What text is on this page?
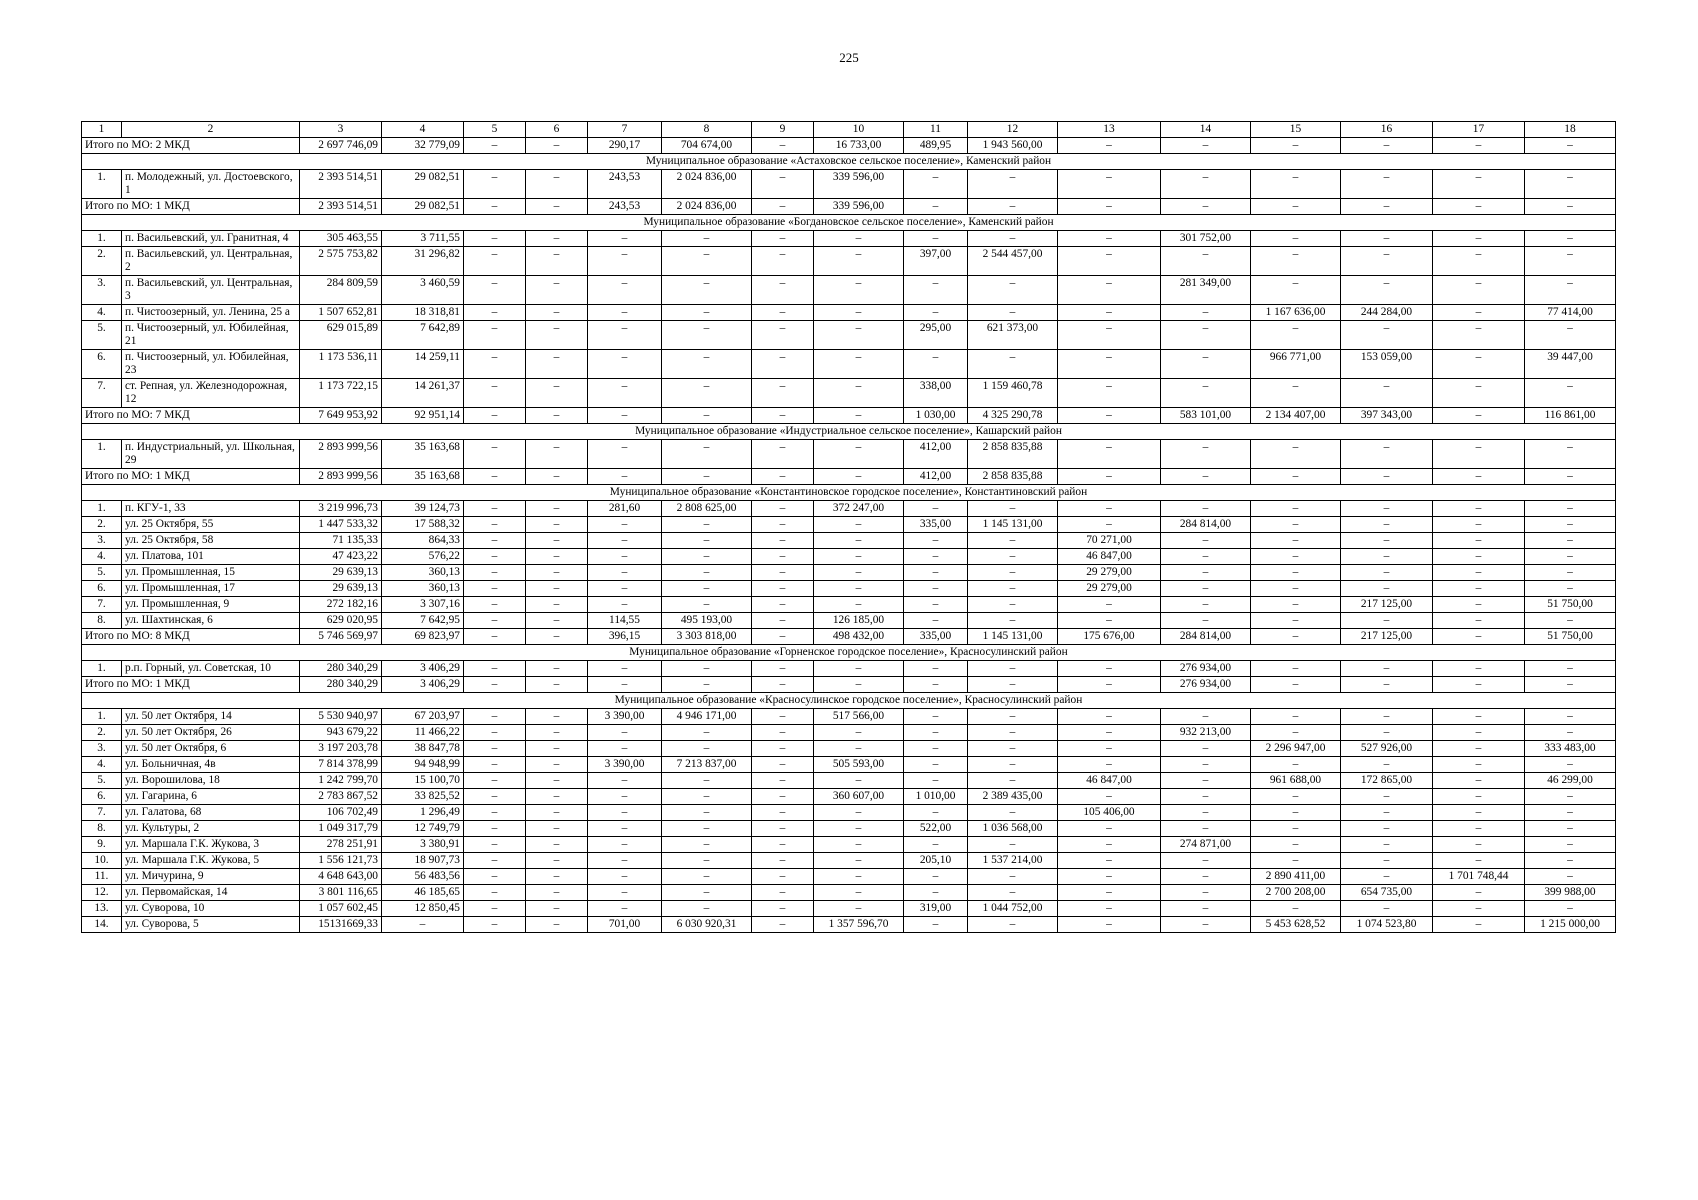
225
1	2	3	4	5	6	7	8	9	10	11	12	13	14	15	16	17	18
Итого по МО: 2 МКД		2 697 746,09	32 779,09	–	–	290,17	704 674,00	–	16 733,00	489,95	1 943 560,00	–	–	–	–	–	–
Муниципальное образование «Астаховское сельское поселение», Каменский район																	
1.	п. Молодежный, ул. Достоевского, 1	2 393 514,51	29 082,51	–	–	243,53	2 024 836,00	–	339 596,00	–	–	–	–	–	–	–	–
Итого по МО: 1 МКД		2 393 514,51	29 082,51	–	–	243,53	2 024 836,00	–	339 596,00	–	–	–	–	–	–	–	–
Муниципальное образование «Богдановское сельское поселение», Каменский район																	
1.	п. Васильевский, ул. Гранитная, 4	305 463,55	3 711,55	–	–	–	–	–	–	–	–	–	301 752,00	–	–	–	–
2.	п. Васильевский, ул. Центральная, 2	2 575 753,82	31 296,82	–	–	–	–	–	–	397,00	2 544 457,00	–	–	–	–	–	–
3.	п. Васильевский, ул. Центральная, 3	284 809,59	3 460,59	–	–	–	–	–	–	–	–	–	281 349,00	–	–	–	–
4.	п. Чистоозерный, ул. Ленина, 25 а	1 507 652,81	18 318,81	–	–	–	–	–	–	–	–	–	–	1 167 636,00	244 284,00	–	77 414,00
5.	п. Чистоозерный, ул. Юбилейная, 21	629 015,89	7 642,89	–	–	–	–	–	–	295,00	621 373,00	–	–	–	–	–	–
6.	п. Чистоозерный, ул. Юбилейная, 23	1 173 536,11	14 259,11	–	–	–	–	–	–	–	–	–	–	966 771,00	153 059,00	–	39 447,00
7.	ст. Репная, ул. Железнодорожная, 12	1 173 722,15	14 261,37	–	–	–	–	–	–	338,00	1 159 460,78	–	–	–	–	–	–
Итого по МО: 7 МКД		7 649 953,92	92 951,14	–	–	–	–	–	–	1 030,00	4 325 290,78	–	583 101,00	2 134 407,00	397 343,00	–	116 861,00
Муниципальное образование «Индустриальное сельское поселение», Кашарский район																	
1.	п. Индустриальный, ул. Школьная, 29	2 893 999,56	35 163,68	–	–	–	–	–	–	412,00	2 858 835,88	–	–	–	–	–	–
Итого по МО: 1 МКД		2 893 999,56	35 163,68	–	–	–	–	–	–	412,00	2 858 835,88	–	–	–	–	–	–
Муниципальное образование «Константиновское городское поселение», Константиновский район																	
1.	п. КГУ-1, 33	3 219 996,73	39 124,73	–	–	281,60	2 808 625,00	–	372 247,00	–	–	–	–	–	–	–	–
2.	ул. 25 Октября, 55	1 447 533,32	17 588,32	–	–	–	–	–	–	335,00	1 145 131,00	–	284 814,00	–	–	–	–
3.	ул. 25 Октября, 58	71 135,33	864,33	–	–	–	–	–	–	–	–	70 271,00	–	–	–	–	–
4.	ул. Платова, 101	47 423,22	576,22	–	–	–	–	–	–	–	–	46 847,00	–	–	–	–	–
5.	ул. Промышленная, 15	29 639,13	360,13	–	–	–	–	–	–	–	–	29 279,00	–	–	–	–	–
6.	ул. Промышленная, 17	29 639,13	360,13	–	–	–	–	–	–	–	–	29 279,00	–	–	–	–	–
7.	ул. Промышленная, 9	272 182,16	3 307,16	–	–	–	–	–	–	–	–	–	–	–	217 125,00	–	51 750,00
8.	ул. Шахтинская, 6	629 020,95	7 642,95	–	–	114,55	495 193,00	–	126 185,00	–	–	–	–	–	–	–	–
Итого по МО: 8 МКД		5 746 569,97	69 823,97	–	–	396,15	3 303 818,00	–	498 432,00	335,00	1 145 131,00	175 676,00	284 814,00	–	217 125,00	–	51 750,00
Муниципальное образование «Горненское городское поселение», Красносулинский район																	
1.	р.п. Горный, ул. Советская, 10	280 340,29	3 406,29	–	–	–	–	–	–	–	–	–	276 934,00	–	–	–	–
Итого по МО: 1 МКД		280 340,29	3 406,29	–	–	–	–	–	–	–	–	–	276 934,00	–	–	–	–
Муниципальное образование «Красносулинское городское поселение», Красносулинский район																	
1.	ул. 50 лет Октября, 14	5 530 940,97	67 203,97	–	–	3 390,00	4 946 171,00	–	517 566,00	–	–	–	–	–	–	–	–
2.	ул. 50 лет Октября, 26	943 679,22	11 466,22	–	–	–	–	–	–	–	–	–	932 213,00	–	–	–	–
3.	ул. 50 лет Октября, 6	3 197 203,78	38 847,78	–	–	–	–	–	–	–	–	–	–	2 296 947,00	527 926,00	–	333 483,00
4.	ул. Больничная, 4в	7 814 378,99	94 948,99	–	–	3 390,00	7 213 837,00	–	505 593,00	–	–	–	–	–	–	–	–
5.	ул. Ворошилова, 18	1 242 799,70	15 100,70	–	–	–	–	–	–	–	–	46 847,00	–	961 688,00	172 865,00	–	46 299,00
6.	ул. Гагарина, 6	2 783 867,52	33 825,52	–	–	–	–	–	360 607,00	1 010,00	2 389 435,00	–	–	–	–	–	–
7.	ул. Галатова, 68	106 702,49	1 296,49	–	–	–	–	–	–	–	–	105 406,00	–	–	–	–	–
8.	ул. Культуры, 2	1 049 317,79	12 749,79	–	–	–	–	–	–	522,00	1 036 568,00	–	–	–	–	–	–
9.	ул. Маршала Г.К. Жукова, 3	278 251,91	3 380,91	–	–	–	–	–	–	–	–	–	274 871,00	–	–	–	–
10.	ул. Маршала Г.К. Жукова, 5	1 556 121,73	18 907,73	–	–	–	–	–	–	205,10	1 537 214,00	–	–	–	–	–	–
11.	ул. Мичурина, 9	4 648 643,00	56 483,56	–	–	–	–	–	–	–	–	–	–	2 890 411,00	–	1 701 748,44	–
12.	ул. Первомайская, 14	3 801 116,65	46 185,65	–	–	–	–	–	–	–	–	–	–	2 700 208,00	654 735,00	–	399 988,00
13.	ул. Суворова, 10	1 057 602,45	12 850,45	–	–	–	–	–	–	319,00	1 044 752,00	–	–	–	–	–	–
14.	ул. Суворова, 5	15131669,33	–	–	–	701,00	6 030 920,31	–	1 357 596,70	–	–	–	–	5 453 628,52	1 074 523,80	–	1 215 000,00
